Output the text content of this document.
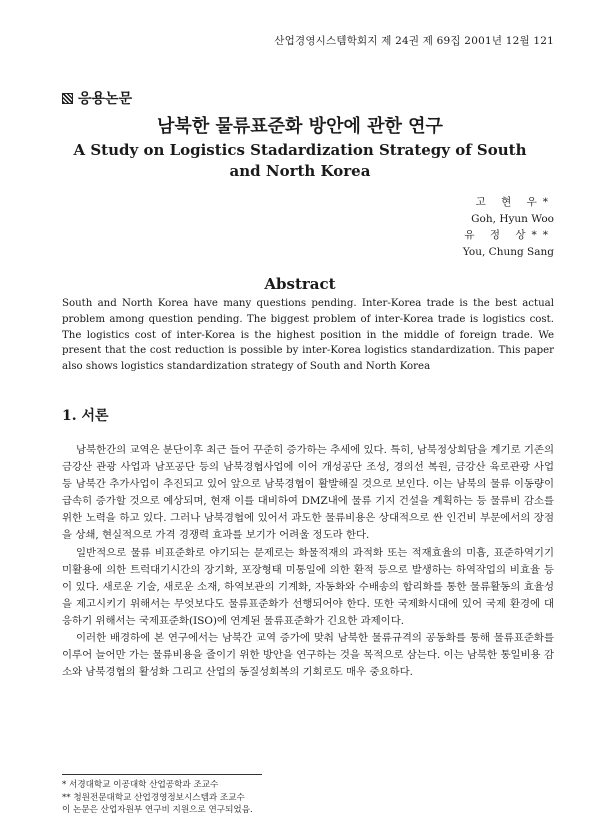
산업경영시스템학회지 제 24권 제 69집 2001년 12월 121
응용논문
남북한 물류표준화 방안에 관한 연구
A Study on Logistics Stadardization Strategy of South and North Korea
고 현 우*
Goh, Hyun Woo
유 정 상**
You, Chung Sang
Abstract
South and North Korea have many questions pending. Inter-Korea trade is the best actual problem among question pending. The biggest problem of inter-Korea trade is logistics cost. The logistics cost of inter-Korea is the highest position in the middle of foreign trade. We present that the cost reduction is possible by inter-Korea logistics standardization. This paper also shows logistics standardization strategy of South and North Korea
1. 서론

남북한간의 교역은 분단이후 최근 들어 꾸준히 증가하는 추세에 있다. 특히, 남북정상회담을 계기로 기존의 금강산 관광 사업과 남포공단 등의 남북경협사업에 이어 개성공단 조성, 경의선 복원, 금강산 육로관광 사업 등 남북간 추가사업이 추진되고 있어 앞으로 남북경협이 활발해질 것으로 보인다. 이는 남북의 물류 이동량이 급속히 증가할 것으로 예상되며, 현재 이를 대비하여 DMZ내에 물류 기지 건설을 계획하는 등 물류비 감소를 위한 노력을 하고 있다. 그러나 남북경협에 있어서 과도한 물류비용은 상대적으로 싼 인건비 부문에서의 장점을 상쇄, 현실적으로 가격 경쟁력 효과를 보기가 어려울 정도라 한다.

일반적으로 물류 비표준화로 야기되는 문제로는 화물적재의 과적화 또는 적재효율의 미흡, 표준하역기기 미활용에 의한 트럭대기시간의 장기화, 포장형태 미통일에 의한 환적 등으로 발생하는 하역작업의 비효율 등이 있다. 새로운 기술, 새로운 소재, 하역보관의 기계화, 자동화와 수배송의 합리화를 통한 물류활동의 효율성을 제고시키기 위해서는 무엇보다도 물류표준화가 선행되어야 한다. 또한 국제화시대에 있어 국제 환경에 대응하기 위해서는 국제표준화(ISO)에 연계된 물류표준화가 긴요한 과제이다.

이러한 배경하에 본 연구에서는 남북간 교역 증가에 맞춰 남북한 물류규격의 공동화를 통해 물류표준화를 이루어 늘어만 가는 물류비용을 줄이기 위한 방안을 연구하는 것을 목적으로 삼는다. 이는 남북한 통일비용 감소와 남북경협의 활성화 그리고 산업의 동질성회복의 기회로도 매우 중요하다.

* 서경대학교 이공대학 산업공학과 조교수
** 청원전문대학교 산업경영정보시스템과 조교수
이 논문은 산업자원부 연구비 지원으로 연구되었음.
